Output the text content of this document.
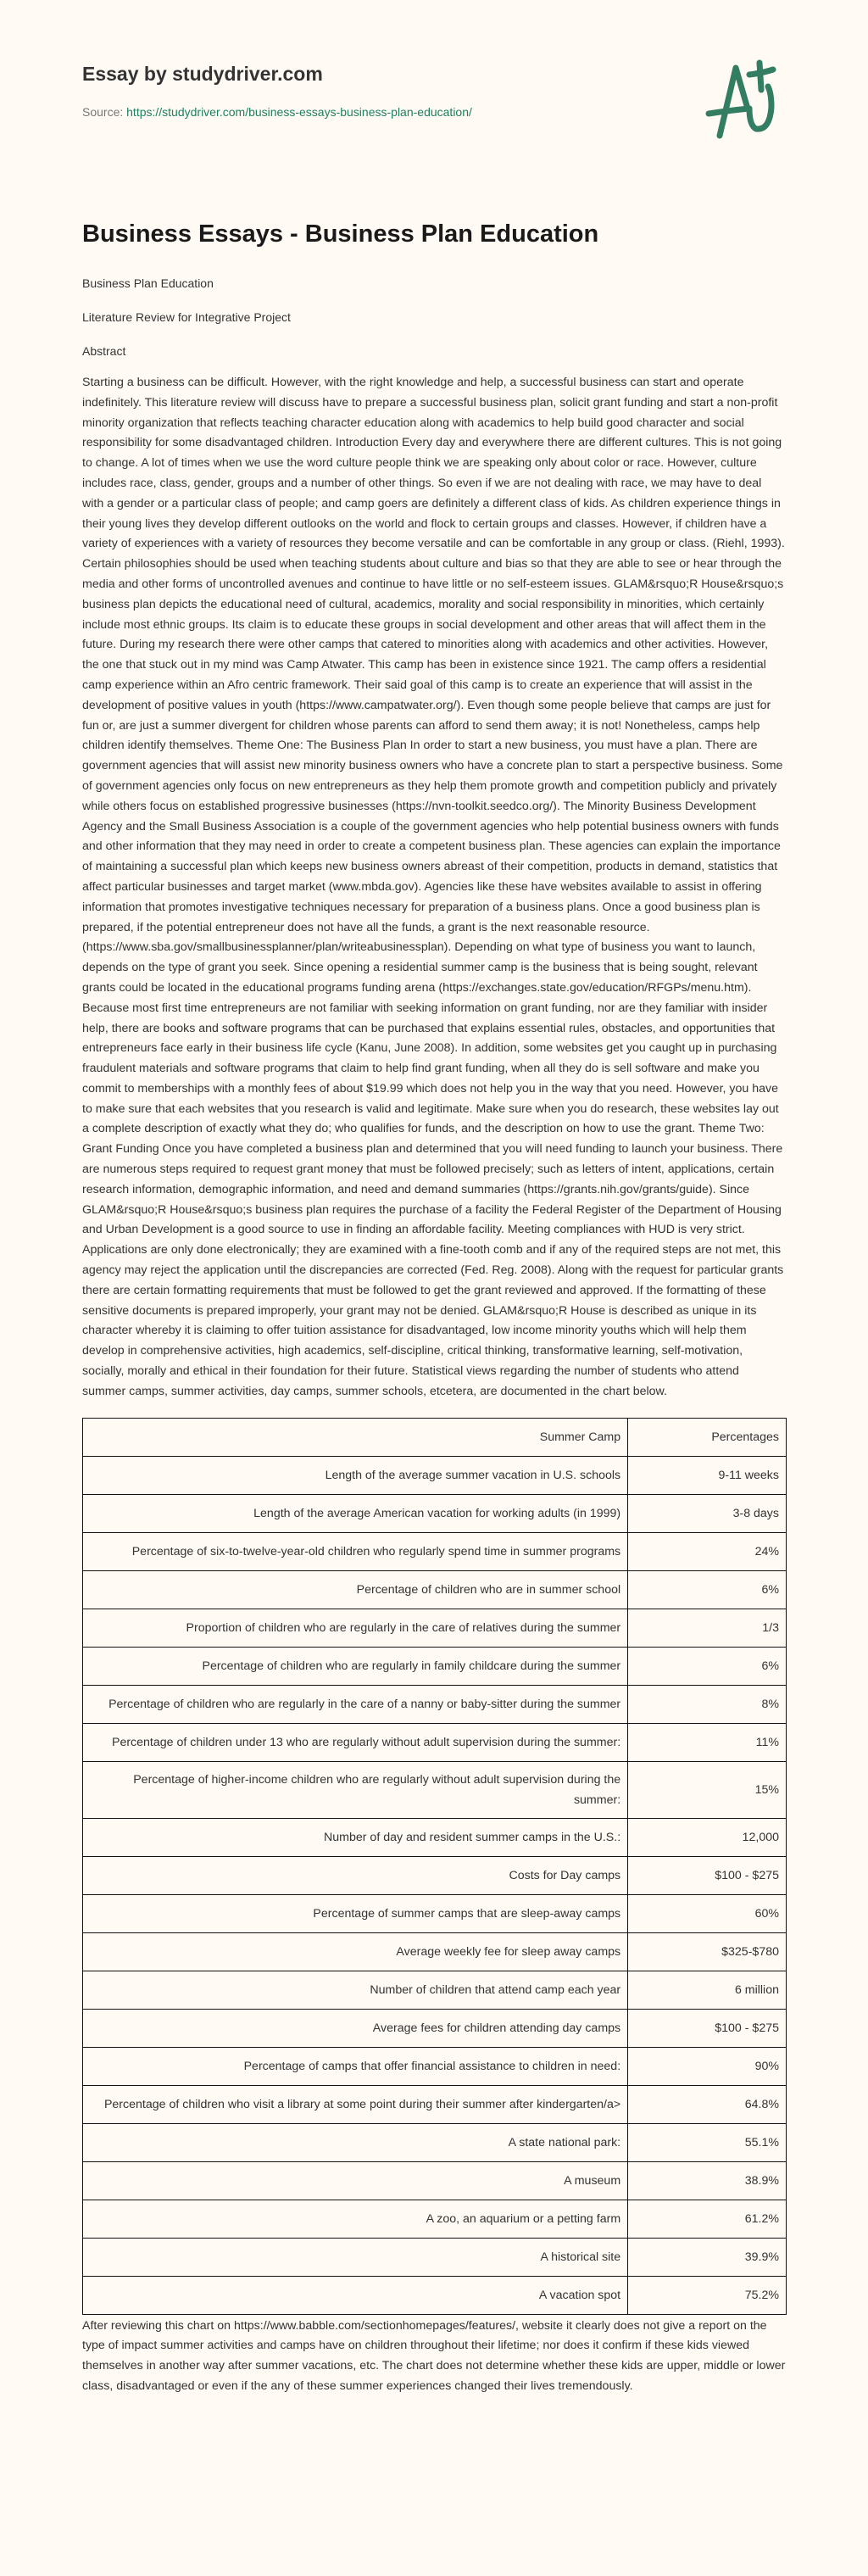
Essay by studydriver.com
Source: https://studydriver.com/business-essays-business-plan-education/
Business Essays - Business Plan Education

Business Plan Education

Literature Review for Integrative Project

Abstract

Starting a business can be difficult. However, with the right knowledge and help, a successful business can start and operate indefinitely. This literature review will discuss have to prepare a successful business plan, solicit grant funding and start a non-profit minority organization that reflects teaching character education along with academics to help build good character and social responsibility for some disadvantaged children. Introduction Every day and everywhere there are different cultures. This is not going to change. A lot of times when we use the word culture people think we are speaking only about color or race. However, culture includes race, class, gender, groups and a number of other things. So even if we are not dealing with race, we may have to deal with a gender or a particular class of people; and camp goers are definitely a different class of kids. As children experience things in their young lives they develop different outlooks on the world and flock to certain groups and classes. However, if children have a variety of experiences with a variety of resources they become versatile and can be comfortable in any group or class. (Riehl, 1993). Certain philosophies should be used when teaching students about culture and bias so that they are able to see or hear through the media and other forms of uncontrolled avenues and continue to have little or no self-esteem issues. GLAM&rsquo;R House&rsquo;s business plan depicts the educational need of cultural, academics, morality and social responsibility in minorities, which certainly include most ethnic groups. Its claim is to educate these groups in social development and other areas that will affect them in the future. During my research there were other camps that catered to minorities along with academics and other activities. However, the one that stuck out in my mind was Camp Atwater. This camp has been in existence since 1921. The camp offers a residential camp experience within an Afro centric framework. Their said goal of this camp is to create an experience that will assist in the development of positive values in youth (https://www.campatwater.org/). Even though some people believe that camps are just for fun or, are just a summer divergent for children whose parents can afford to send them away; it is not! Nonetheless, camps help children identify themselves. Theme One: The Business Plan In order to start a new business, you must have a plan. There are government agencies that will assist new minority business owners who have a concrete plan to start a perspective business. Some of government agencies only focus on new entrepreneurs as they help them promote growth and competition publicly and privately while others focus on established progressive businesses (https://nvn-toolkit.seedco.org/). The Minority Business Development Agency and the Small Business Association is a couple of the government agencies who help potential business owners with funds and other information that they may need in order to create a competent business plan. These agencies can explain the importance of maintaining a successful plan which keeps new business owners abreast of their competition, products in demand, statistics that affect particular businesses and target market (www.mbda.gov). Agencies like these have websites available to assist in offering information that promotes investigative techniques necessary for preparation of a business plans. Once a good business plan is prepared, if the potential entrepreneur does not have all the funds, a grant is the next reasonable resource. (https://www.sba.gov/smallbusinessplanner/plan/writeabusinessplan). Depending on what type of business you want to launch, depends on the type of grant you seek. Since opening a residential summer camp is the business that is being sought, relevant grants could be located in the educational programs funding arena (https://exchanges.state.gov/education/RFGPs/menu.htm). Because most first time entrepreneurs are not familiar with seeking information on grant funding, nor are they familiar with insider help, there are books and software programs that can be purchased that explains essential rules, obstacles, and opportunities that entrepreneurs face early in their business life cycle (Kanu, June 2008). In addition, some websites get you caught up in purchasing fraudulent materials and software programs that claim to help find grant funding, when all they do is sell software and make you commit to memberships with a monthly fees of about $19.99 which does not help you in the way that you need. However, you have to make sure that each websites that you research is valid and legitimate. Make sure when you do research, these websites lay out a complete description of exactly what they do; who qualifies for funds, and the description on how to use the grant. Theme Two: Grant Funding Once you have completed a business plan and determined that you will need funding to launch your business. There are numerous steps required to request grant money that must be followed precisely; such as letters of intent, applications, certain research information, demographic information, and need and demand summaries (https://grants.nih.gov/grants/guide). Since GLAM&rsquo;R House&rsquo;s business plan requires the purchase of a facility the Federal Register of the Department of Housing and Urban Development is a good source to use in finding an affordable facility. Meeting compliances with HUD is very strict. Applications are only done electronically; they are examined with a fine-tooth comb and if any of the required steps are not met, this agency may reject the application until the discrepancies are corrected (Fed. Reg. 2008). Along with the request for particular grants there are certain formatting requirements that must be followed to get the grant reviewed and approved. If the formatting of these sensitive documents is prepared improperly, your grant may not be denied. GLAM&rsquo;R House is described as unique in its character whereby it is claiming to offer tuition assistance for disadvantaged, low income minority youths which will help them develop in comprehensive activities, high academics, self-discipline, critical thinking, transformative learning, self-motivation, socially, morally and ethical in their foundation for their future. Statistical views regarding the number of students who attend summer camps, summer activities, day camps, summer schools, etcetera, are documented in the chart below.

Summer Camp	Percentages
Length of the average summer vacation in U.S. schools	9-11 weeks
Length of the average American vacation for working adults (in 1999)	3-8 days
Percentage of six-to-twelve-year-old children who regularly spend time in summer programs	24%
Percentage of children who are in summer school	6%
Proportion of children who are regularly in the care of relatives during the summer	1/3
Percentage of children who are regularly in family childcare during the summer	6%
Percentage of children who are regularly in the care of a nanny or baby-sitter during the summer	8%
Percentage of children under 13 who are regularly without adult supervision during the summer:	11%
Percentage of higher-income children who are regularly without adult supervision during the summer:	15%
Number of day and resident summer camps in the U.S.:	12,000
Costs for Day camps	$100 - $275
Percentage of summer camps that are sleep-away camps	60%
Average weekly fee for sleep away camps	$325-$780
Number of children that attend camp each year	6 million
Average fees for children attending day camps	$100 - $275
Percentage of camps that offer financial assistance to children in need:	90%
Percentage of children who visit a library at some point during their summer after kindergarten/a>	64.8%
A state national park:	55.1%
A museum	38.9%
A zoo, an aquarium or a petting farm	61.2%
A historical site	39.9%
A vacation spot	75.2%

After reviewing this chart on https://www.babble.com/sectionhomepages/features/, website it clearly does not give a report on the type of impact summer activities and camps have on children throughout their lifetime; nor does it confirm if these kids viewed themselves in another way after summer vacations, etc. The chart does not determine whether these kids are upper, middle or lower class, disadvantaged or even if the any of these summer experiences changed their lives tremendously.
